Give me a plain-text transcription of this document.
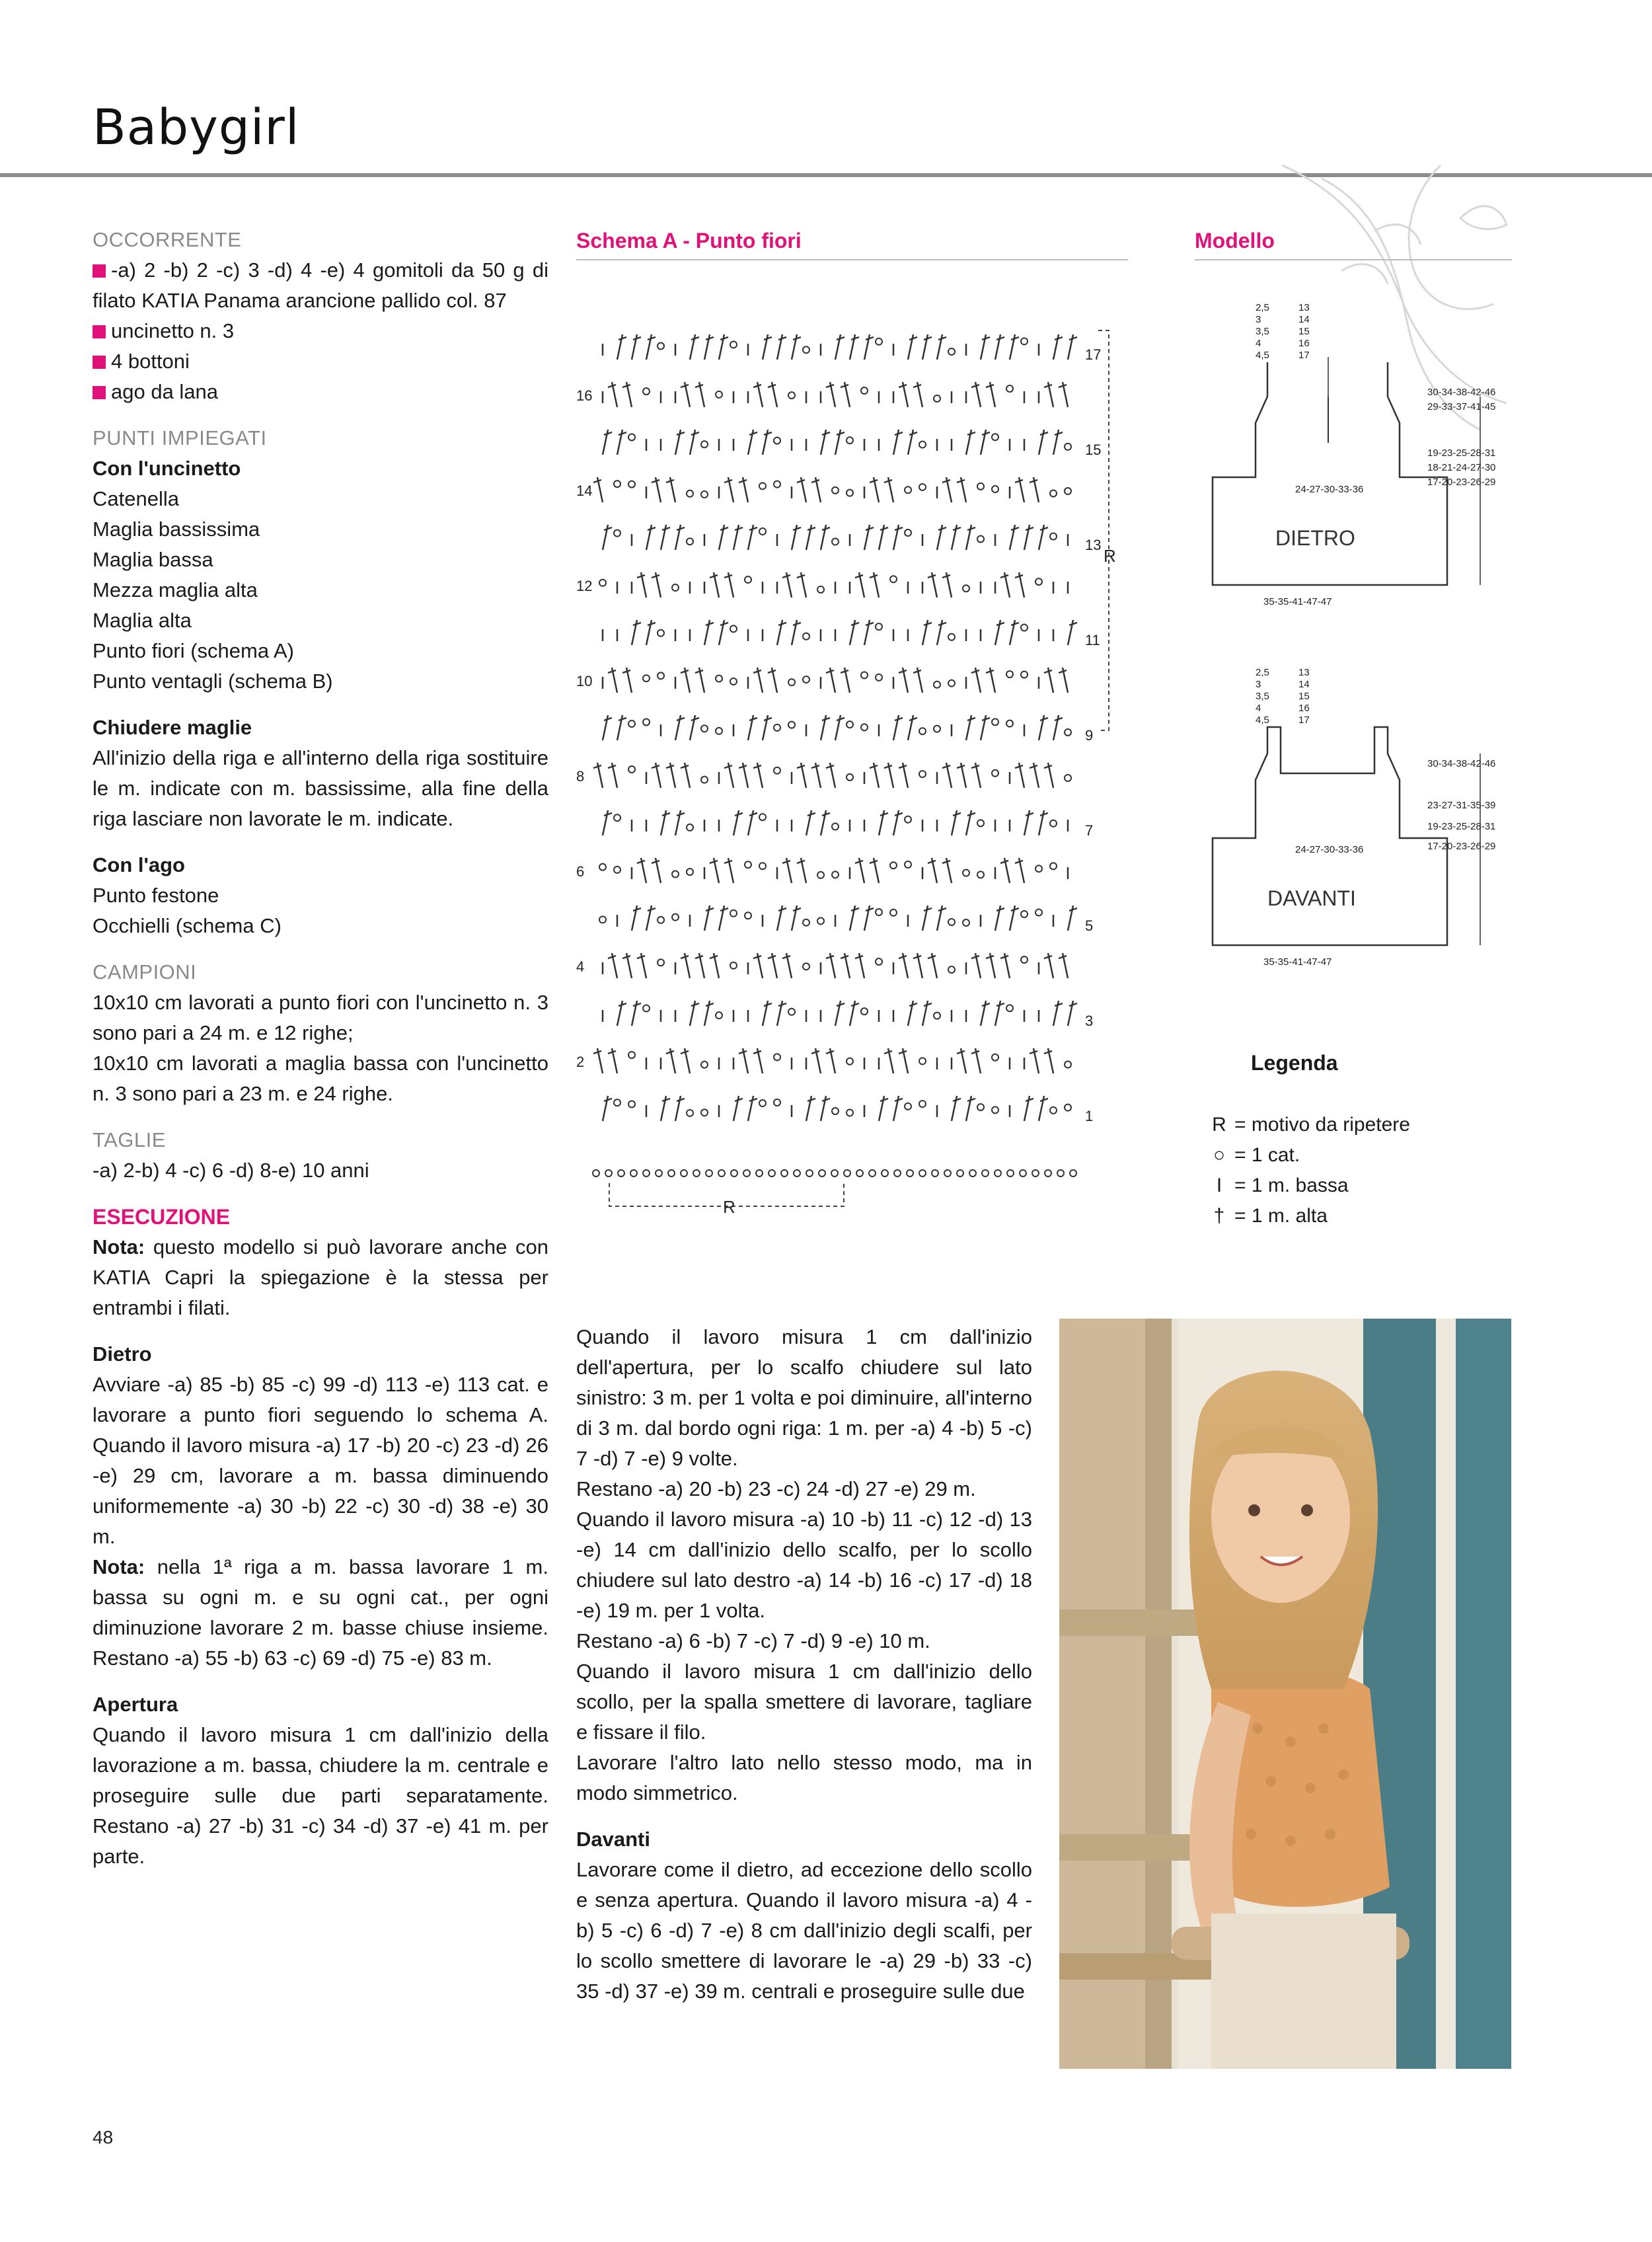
Babygirl
OCCORRENTE
-a) 2 -b) 2 -c) 3 -d) 4 -e) 4 gomitoli da 50 g di filato KATIA Panama arancione pallido col. 87
uncinetto n. 3
4 bottoni
ago da lana
PUNTI IMPIEGATI
Con l'uncinetto
Catenella
Maglia bassissima
Maglia bassa
Mezza maglia alta
Maglia alta
Punto fiori (schema A)
Punto ventagli (schema B)
Chiudere maglie
All'inizio della riga e all'interno della riga sostituire le m. indicate con m. bassissime, alla fine della riga lasciare non lavorate le m. indicate.
Con l'ago
Punto festone
Occhielli (schema C)
CAMPIONI
10x10 cm lavorati a punto fiori con l'uncinetto n. 3 sono pari a 24 m. e 12 righe;
10x10 cm lavorati a maglia bassa con l'uncinetto n. 3 sono pari a 23 m. e 24 righe.
TAGLIE
-a) 2-b) 4 -c) 6 -d) 8-e) 10 anni
ESECUZIONE
Nota: questo modello si può lavorare anche con KATIA Capri la spiegazione è la stessa per entrambi i filati.
Dietro
Avviare -a) 85 -b) 85 -c) 99 -d) 113 -e) 113 cat. e lavorare a punto fiori seguendo lo schema A. Quando il lavoro misura -a) 17 -b) 20 -c) 23 -d) 26 -e) 29 cm, lavorare a m. bassa diminuendo uniformemente -a) 30 -b) 22 -c) 30 -d) 38 -e) 30 m.
Nota: nella 1ª riga a m. bassa lavorare 1 m. bassa su ogni m. e su ogni cat., per ogni diminuzione lavorare 2 m. basse chiuse insieme. Restano -a) 55 -b) 63 -c) 69 -d) 75 -e) 83 m.
Apertura
Quando il lavoro misura 1 cm dall'inizio della lavorazione a m. bassa, chiudere la m. centrale e proseguire sulle due parti separatamente. Restano -a) 27 -b) 31 -c) 34 -d) 37 -e) 41 m. per parte.
Schema A - Punto fiori
17
16
15
14
13
12
11
10
9
8
7
6
5
4
3
2
1
R
R
Modello
2,5
3
3,5
4
4,5
13
14
15
16
17
24-27-30-33-36
DIETRO
35-35-41-47-47
30-34-38-42-46
29-33-37-41-45
19-23-25-28-31
18-21-24-27-30
17-20-23-26-29
2,5
3
3,5
4
4,5
13
14
15
16
17
24-27-30-33-36
DAVANTI
35-35-41-47-47
30-34-38-42-46
23-27-31-35-39
19-23-25-28-31
17-20-23-26-29
Legenda
R = motivo da ripetere
○ = 1 cat.
I = 1 m. bassa
† = 1 m. alta
Quando il lavoro misura 1 cm dall'inizio dell'apertura, per lo scalfo chiudere sul lato sinistro: 3 m. per 1 volta e poi diminuire, all'interno di 3 m. dal bordo ogni riga: 1 m. per -a) 4 -b) 5 -c) 7 -d) 7 -e) 9 volte.
Restano -a) 20 -b) 23 -c) 24 -d) 27 -e) 29 m.
Quando il lavoro misura -a) 10 -b) 11 -c) 12 -d) 13 -e) 14 cm dall'inizio dello scalfo, per lo scollo chiudere sul lato destro -a) 14 -b) 16 -c) 17 -d) 18 -e) 19 m. per 1 volta.
Restano -a) 6 -b) 7 -c) 7 -d) 9 -e) 10 m.
Quando il lavoro misura 1 cm dall'inizio dello scollo, per la spalla smettere di lavorare, tagliare e fissare il filo.
Lavorare l'altro lato nello stesso modo, ma in modo simmetrico.
Davanti
Lavorare come il dietro, ad eccezione dello scollo e senza apertura. Quando il lavoro misura -a) 4 -b) 5 -c) 6 -d) 7 -e) 8 cm dall'inizio degli scalfi, per lo scollo smettere di lavorare le -a) 29 -b) 33 -c) 35 -d) 37 -e) 39 m. centrali e proseguire sulle due
48
